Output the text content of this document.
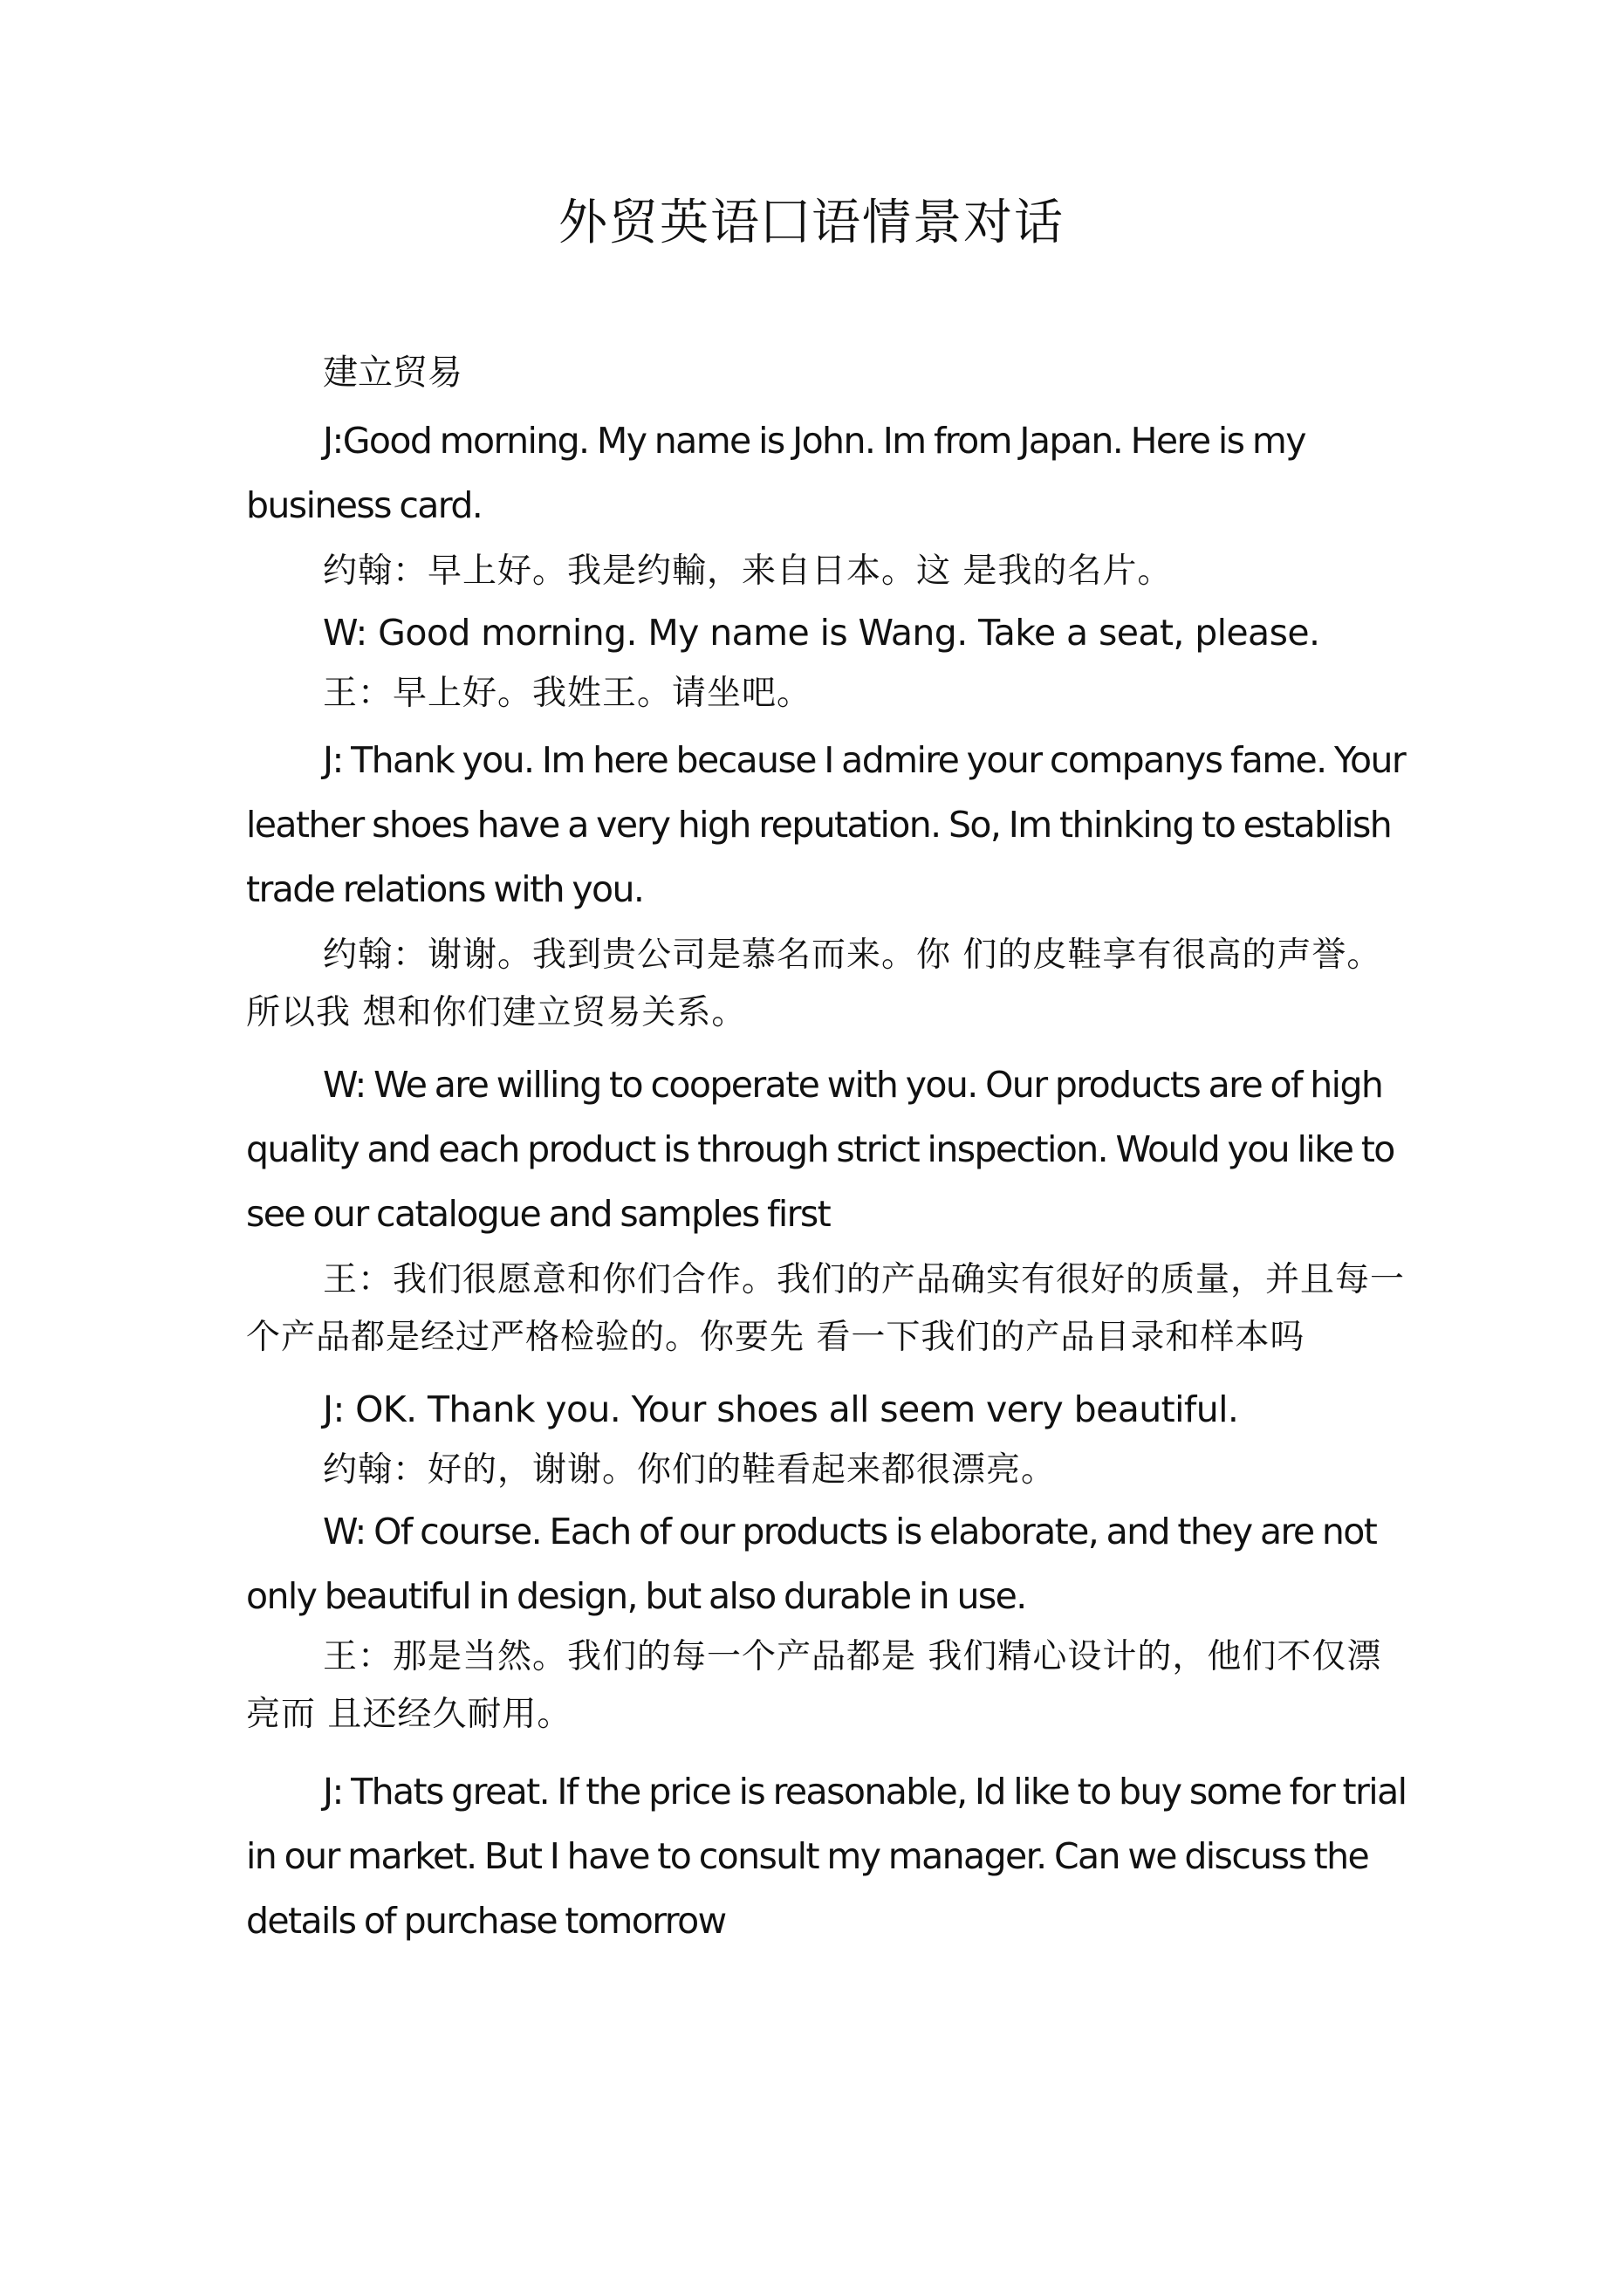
外贸英语囗语情景对话

建立贸易

J:Good morning. My name is John. Im from Japan. Here is my business card.

约翰：早上好。我是约輸，来自日本。这 是我的名片。

W: Good morning. My name is Wang. Take a seat, please.

王：早上好。我姓王。请坐吧。

J: Thank you. Im here because I admire your companys fame. Your leather shoes have a very high reputation. So, Im thinking to establish trade relations with you.

约翰：谢谢。我到贵公司是慕名而来。你 们的皮鞋享有很高的声誉。所以我 想和你们建立贸易关系。

W: We are willing to cooperate with you. Our products are of high quality and each product is through strict inspection. Would you like to see our catalogue and samples first

王：我们很愿意和你们合作。我们的产品确实有很好的质量，并且每一个产品都是经过严格检验的。你要先 看一下我们的产品目录和样本吗

J: OK. Thank you. Your shoes all seem very beautiful.

约翰：好的，谢谢。你们的鞋看起来都很漂亮。

W: Of course. Each of our products is elaborate, and they are not only beautiful in design, but also durable in use.

王：那是当然。我们的每一个产品都是 我们精心设计的，他们不仅漂亮而 且还经久耐用。

J: Thats great. If the price is reasonable, Id like to buy some for trial in our market. But I have to consult my manager. Can we discuss the details of purchase tomorrow
